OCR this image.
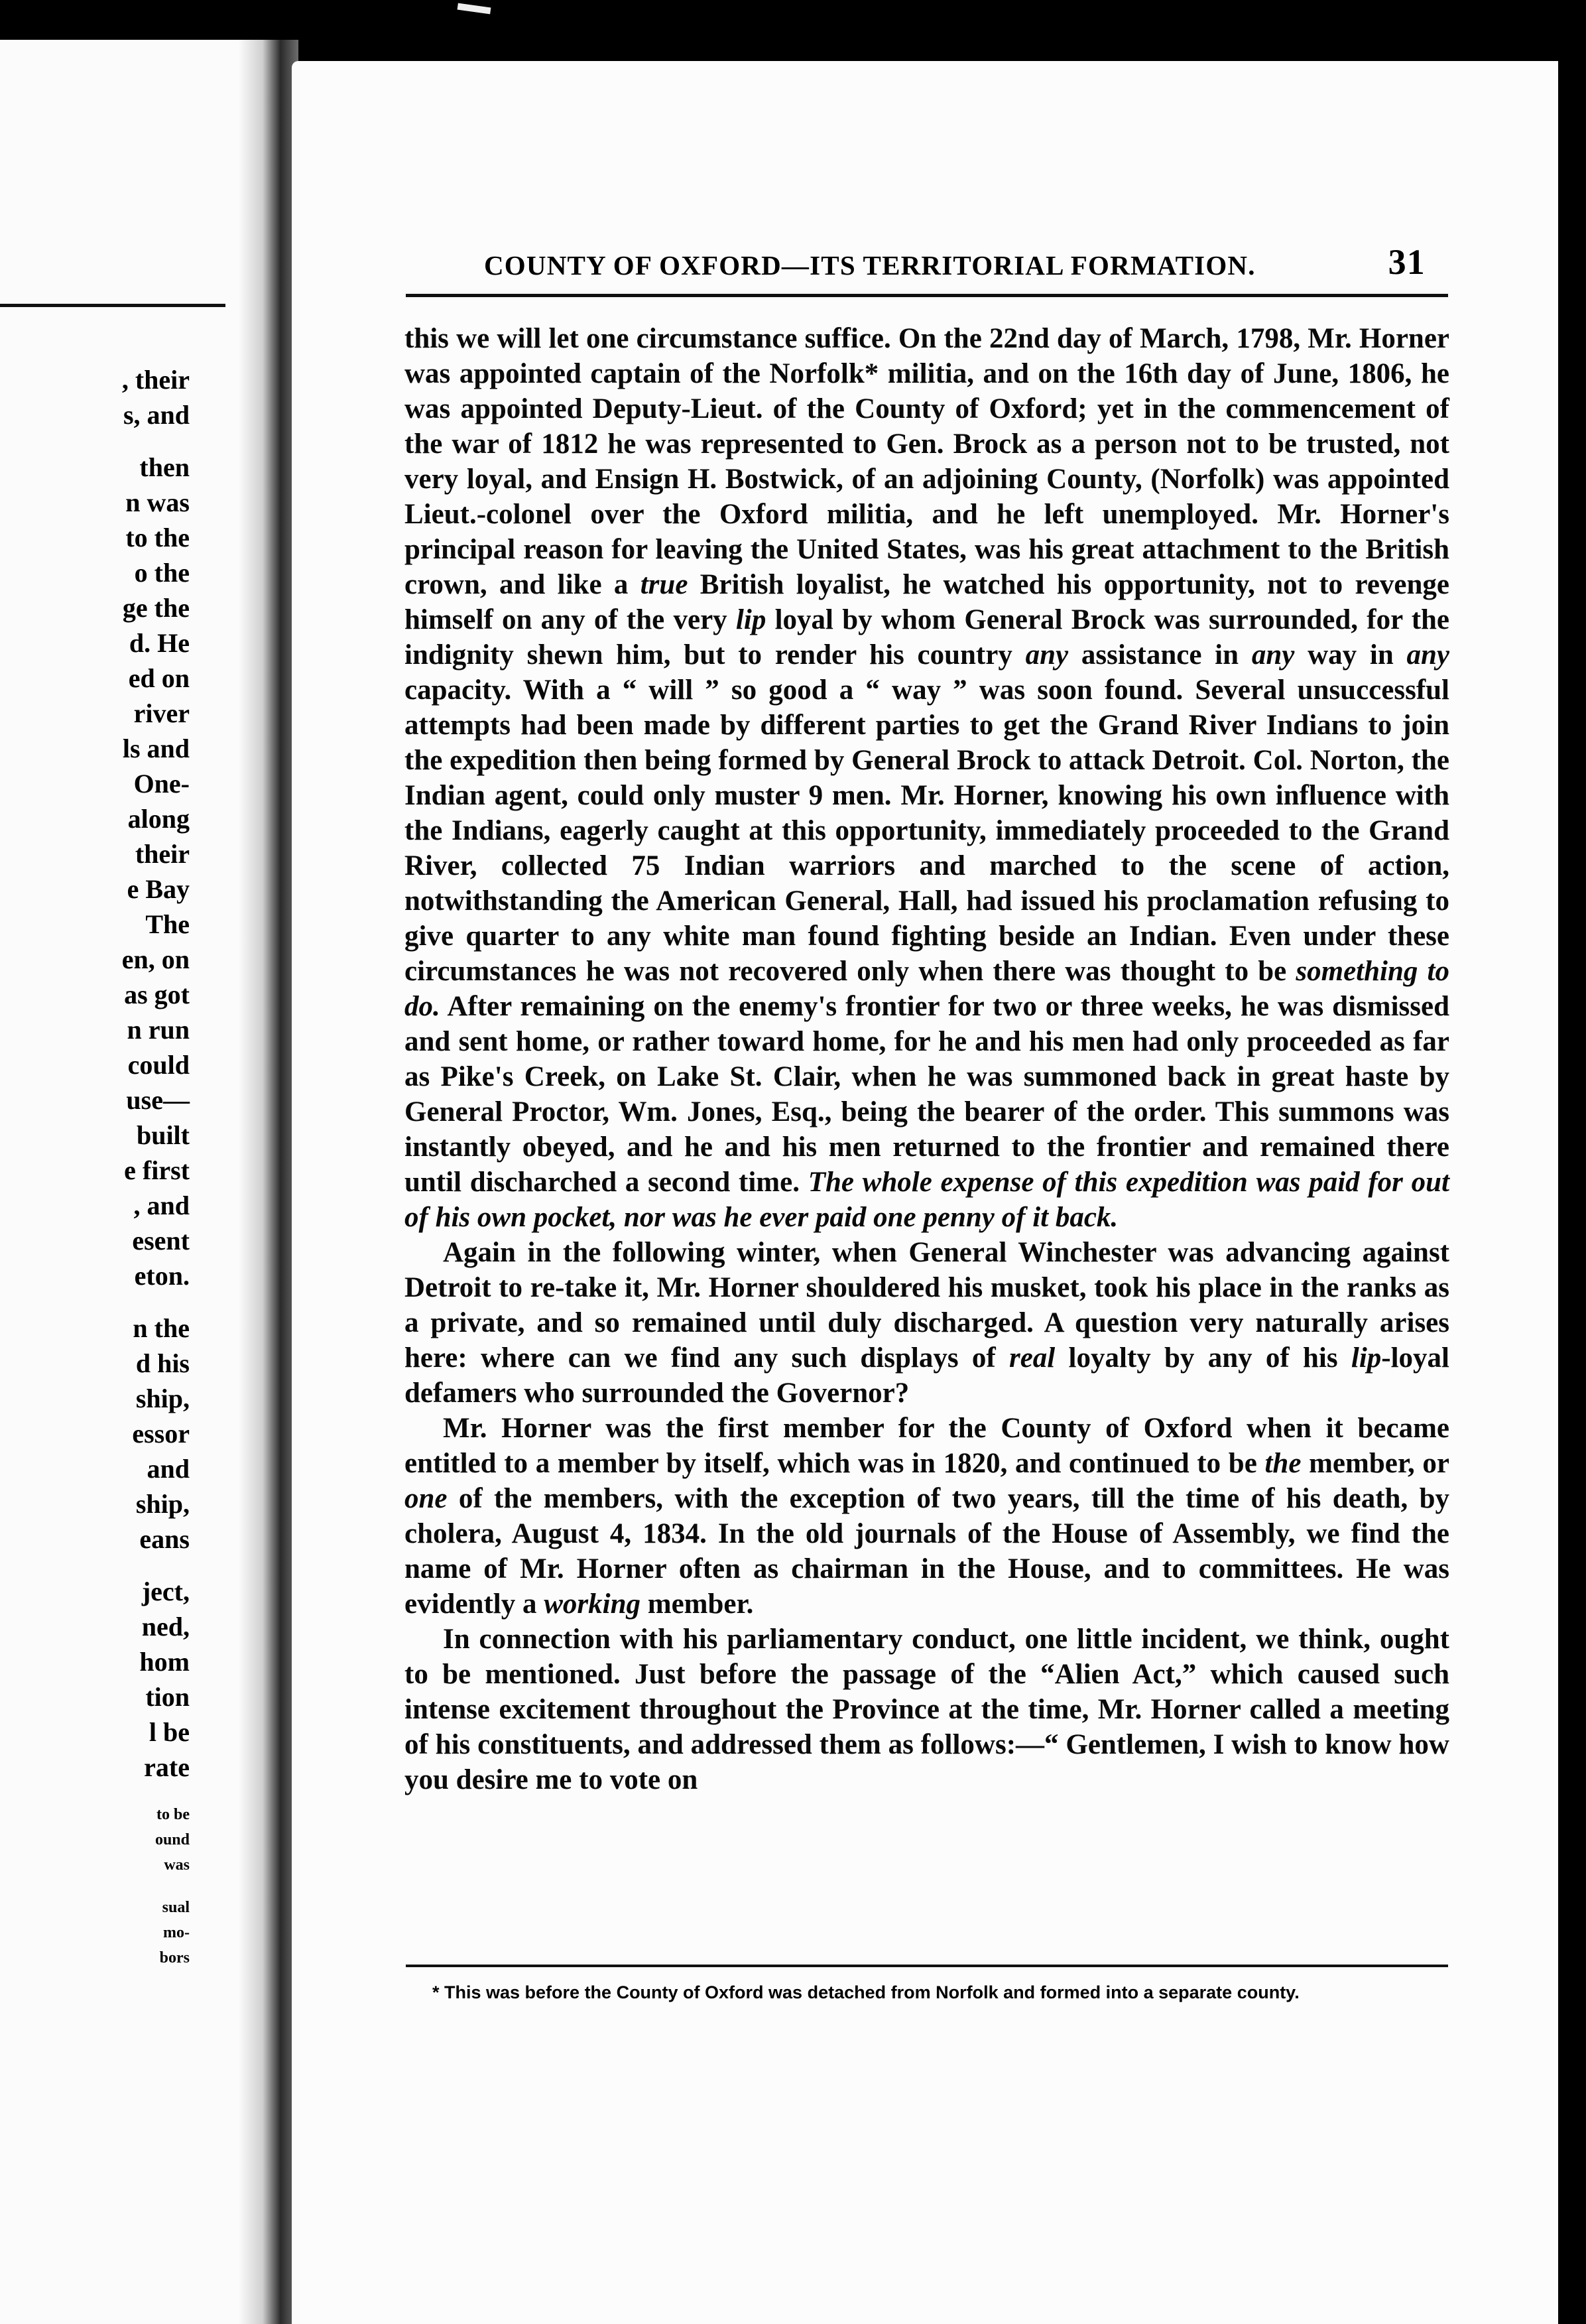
, their
s, and
then
n was
to the
o the
ge the
d. He
ed on
river
ls and
One-
along
their
e Bay
The
en, on
as got
n run
could
use—
built
e first
, and
esent
eton.
n the
d his
ship,
essor
and
ship,
eans
ject,
ned,
hom
tion
l be
rate
to be
ound
was
sual
mo-
bors
COUNTY OF OXFORD—ITS TERRITORIAL FORMATION.	31

this we will let one circumstance suffice. On the 22nd day of March, 1798, Mr. Horner was appointed captain of the Norfolk* militia, and on the 16th day of June, 1806, he was appointed Deputy-Lieut. of the County of Oxford; yet in the commencement of the war of 1812 he was represented to Gen. Brock as a person not to be trusted, not very loyal, and Ensign H. Bostwick, of an adjoining County, (Norfolk) was appointed Lieut.-colonel over the Oxford militia, and he left unemployed. Mr. Horner's principal reason for leaving the United States, was his great attachment to the British crown, and like a true British loyalist, he watched his opportunity, not to revenge himself on any of the very lip loyal by whom General Brock was surrounded, for the indignity shewn him, but to render his country any assistance in any way in any capacity. With a “ will ” so good a “ way ” was soon found. Several unsuccessful attempts had been made by different parties to get the Grand River Indians to join the expedition then being formed by General Brock to attack Detroit. Col. Norton, the Indian agent, could only muster 9 men. Mr. Horner, knowing his own influence with the Indians, eagerly caught at this opportunity, immediately proceeded to the Grand River, collected 75 Indian warriors and marched to the scene of action, notwithstanding the American General, Hall, had issued his proclamation refusing to give quarter to any white man found fighting beside an Indian. Even under these circumstances he was not recovered only when there was thought to be something to do. After remaining on the enemy's frontier for two or three weeks, he was dismissed and sent home, or rather toward home, for he and his men had only proceeded as far as Pike's Creek, on Lake St. Clair, when he was summoned back in great haste by General Proctor, Wm. Jones, Esq., being the bearer of the order. This summons was instantly obeyed, and he and his men returned to the frontier and remained there until discharched a second time. The whole expense of this expedition was paid for out of his own pocket, nor was he ever paid one penny of it back.

Again in the following winter, when General Winchester was advancing against Detroit to re-take it, Mr. Horner shouldered his musket, took his place in the ranks as a private, and so remained until duly discharged. A question very naturally arises here: where can we find any such displays of real loyalty by any of his lip-loyal defamers who surrounded the Governor?

Mr. Horner was the first member for the County of Oxford when it became entitled to a member by itself, which was in 1820, and continued to be the member, or one of the members, with the exception of two years, till the time of his death, by cholera, August 4, 1834. In the old journals of the House of Assembly, we find the name of Mr. Horner often as chairman in the House, and to committees. He was evidently a working member.

In connection with his parliamentary conduct, one little incident, we think, ought to be mentioned. Just before the passage of the “Alien Act,” which caused such intense excitement throughout the Province at the time, Mr. Horner called a meeting of his constituents, and addressed them as follows:—“ Gentlemen, I wish to know how you desire me to vote on

* This was before the County of Oxford was detached from Norfolk and formed into a separate county.
